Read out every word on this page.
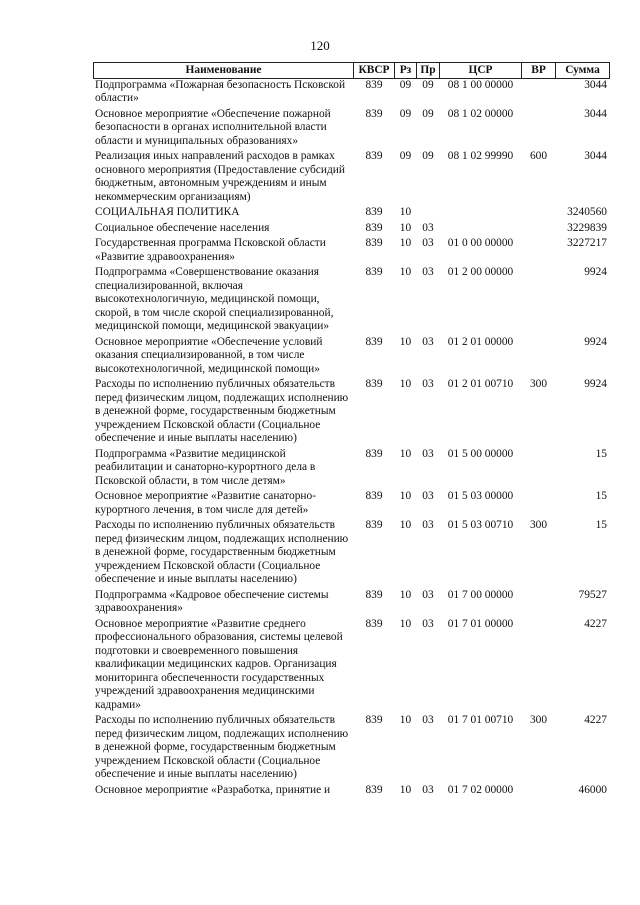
120
Наименование	КВСР	Рз	Пр	ЦСР	ВР	Сумма
Подпрограмма «Пожарная безопасность Псковской области»	839	09	09	08 1 00 00000		3044
Основное мероприятие «Обеспечение пожарной безопасности в органах исполнительной власти области и муниципальных образованиях»	839	09	09	08 1 02 00000		3044
Реализация иных направлений расходов в рамках основного мероприятия (Предоставление субсидий бюджетным, автономным учреждениям и иным некоммерческим организациям)	839	09	09	08 1 02 99990	600	3044
СОЦИАЛЬНАЯ ПОЛИТИКА	839	10				3240560
Социальное обеспечение населения	839	10	03			3229839
Государственная программа Псковской области «Развитие здравоохранения»	839	10	03	01 0 00 00000		3227217
Подпрограмма «Совершенствование оказания специализированной, включая высокотехнологичную, медицинской помощи, скорой, в том числе скорой специализированной, медицинской помощи, медицинской эвакуации»	839	10	03	01 2 00 00000		9924
Основное мероприятие «Обеспечение условий оказания специализированной, в том числе высокотехнологичной, медицинской помощи»	839	10	03	01 2 01 00000		9924
Расходы по исполнению публичных обязательств перед физическим лицом, подлежащих исполнению в денежной форме, государственным бюджетным учреждением Псковской области (Социальное обеспечение и иные выплаты населению)	839	10	03	01 2 01 00710	300	9924
Подпрограмма «Развитие медицинской реабилитации и санаторно-курортного дела в Псковской области, в том числе детям»	839	10	03	01 5 00 00000		15
Основное мероприятие «Развитие санаторно-курортного лечения, в том числе для детей»	839	10	03	01 5 03 00000		15
Расходы по исполнению публичных обязательств перед физическим лицом, подлежащих исполнению в денежной форме, государственным бюджетным учреждением Псковской области (Социальное обеспечение и иные выплаты населению)	839	10	03	01 5 03 00710	300	15
Подпрограмма «Кадровое обеспечение системы здравоохранения»	839	10	03	01 7 00 00000		79527
Основное мероприятие «Развитие среднего профессионального образования, системы целевой подготовки и своевременного повышения квалификации медицинских кадров. Организация мониторинга обеспеченности государственных учреждений здравоохранения медицинскими кадрами»	839	10	03	01 7 01 00000		4227
Расходы по исполнению публичных обязательств перед физическим лицом, подлежащих исполнению в денежной форме, государственным бюджетным учреждением Псковской области (Социальное обеспечение и иные выплаты населению)	839	10	03	01 7 01 00710	300	4227
Основное мероприятие «Разработка, принятие и	839	10	03	01 7 02 00000		46000
